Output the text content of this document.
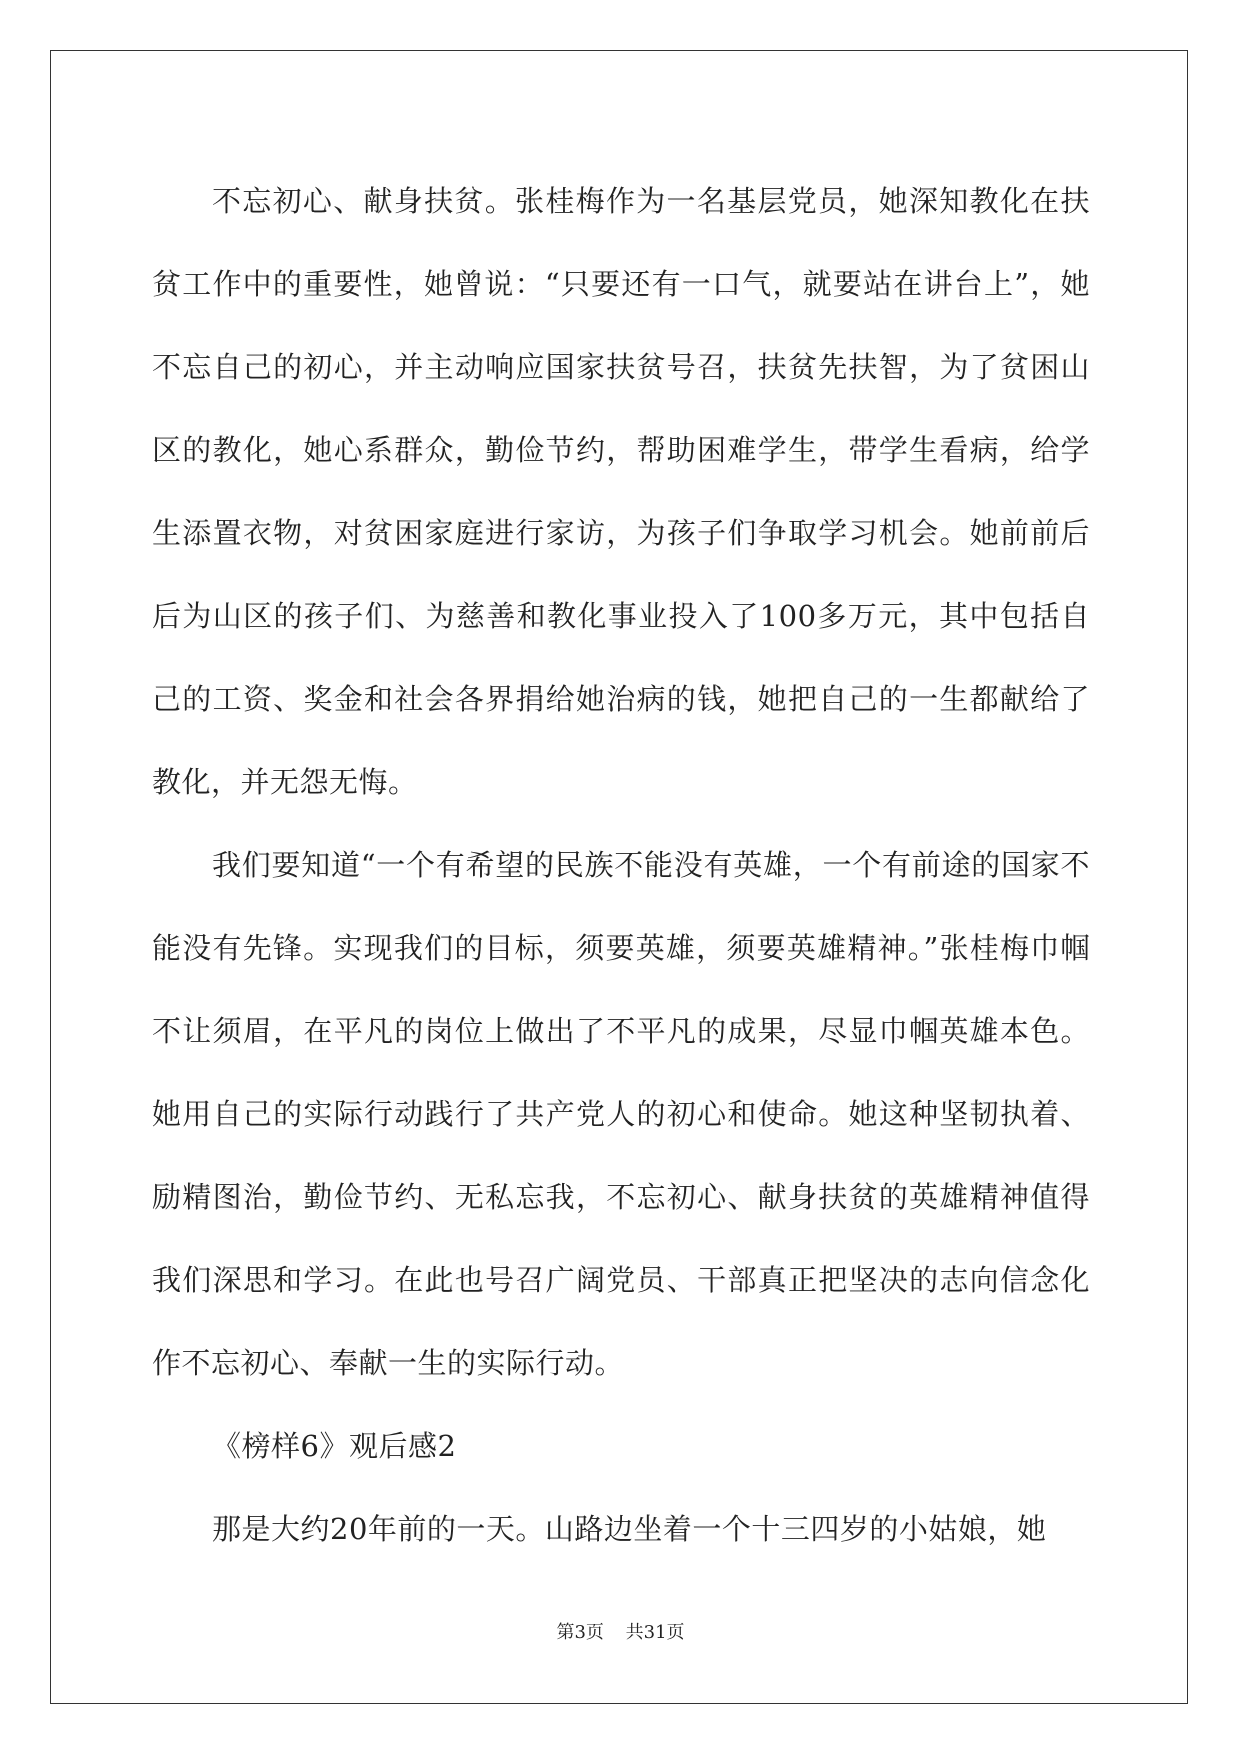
不忘初心、献身扶贫。张桂梅作为一名基层党员，她深知教化在扶贫工作中的重要性，她曾说：“只要还有一口气，就要站在讲台上”，她不忘自己的初心，并主动响应国家扶贫号召，扶贫先扶智，为了贫困山区的教化，她心系群众，勤俭节约，帮助困难学生，带学生看病，给学生添置衣物，对贫困家庭进行家访，为孩子们争取学习机会。她前前后后为山区的孩子们、为慈善和教化事业投入了100多万元，其中包括自己的工资、奖金和社会各界捐给她治病的钱，她把自己的一生都献给了教化，并无怨无悔。

我们要知道“一个有希望的民族不能没有英雄，一个有前途的国家不能没有先锋。实现我们的目标，须要英雄，须要英雄精神。”张桂梅巾帼不让须眉，在平凡的岗位上做出了不平凡的成果，尽显巾帼英雄本色。她用自己的实际行动践行了共产党人的初心和使命。她这种坚韧执着、励精图治，勤俭节约、无私忘我，不忘初心、献身扶贫的英雄精神值得我们深思和学习。在此也号召广阔党员、干部真正把坚决的志向信念化作不忘初心、奉献一生的实际行动。

《榜样6》观后感2

那是大约20年前的一天。山路边坐着一个十三四岁的小姑娘，她

第3页 共31页
